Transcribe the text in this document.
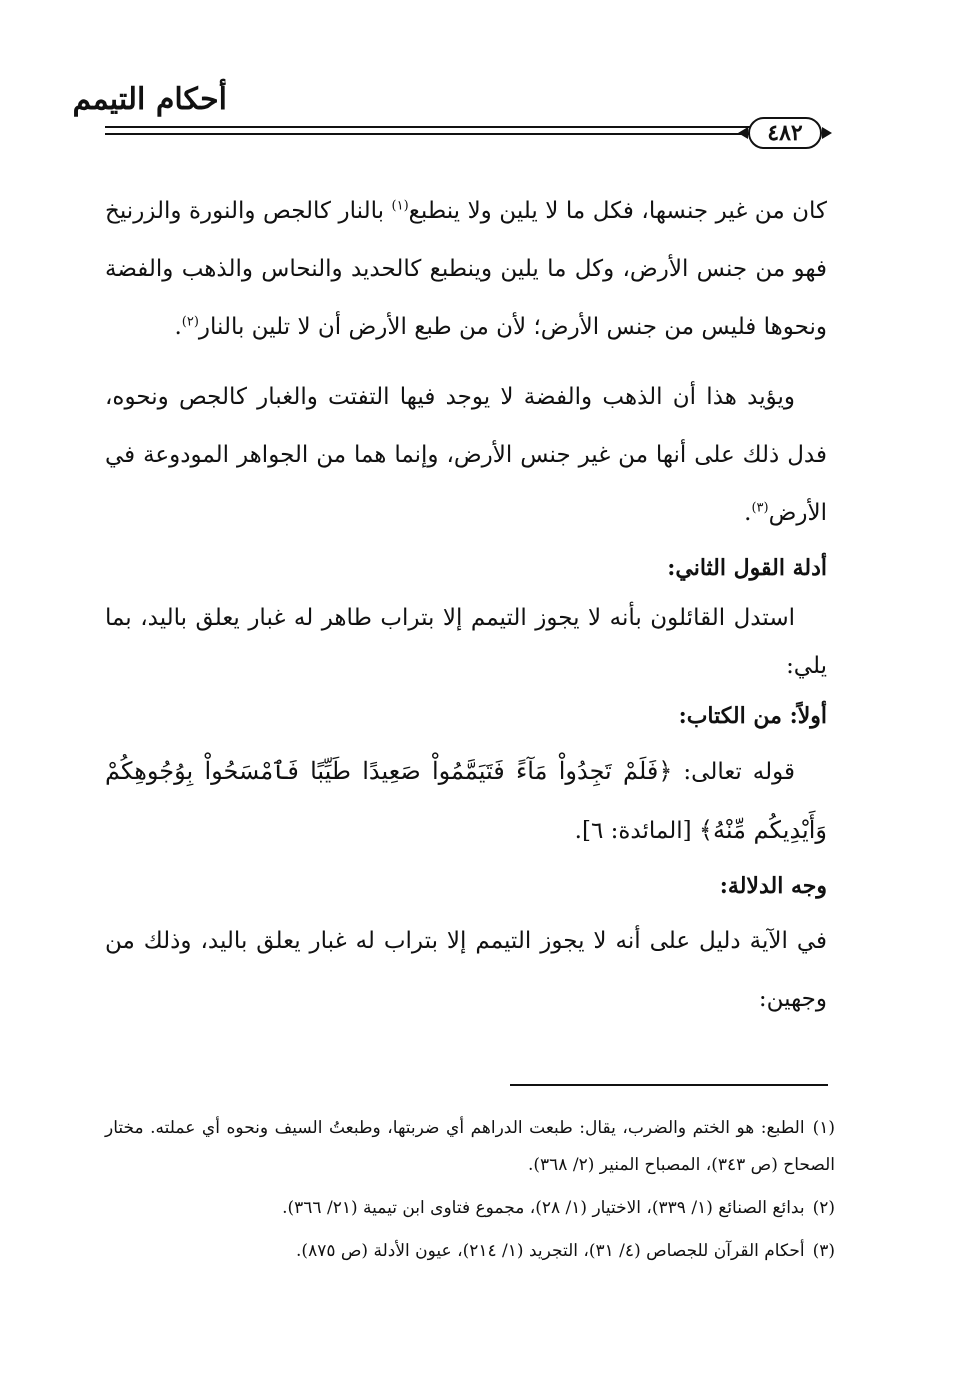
أحكام التيمم
٤٨٢

كان من غير جنسها، فكل ما لا يلين ولا ينطبع$^{(١)}$ بالنار كالجص والنورة والزرنيخ فهو من جنس الأرض، وكل ما يلين وينطبع كالحديد والنحاس والذهب والفضة ونحوها فليس من جنس الأرض؛ لأن من طبع الأرض أن لا تلين بالنار$^{(٢)}$.

ويؤيد هذا أن الذهب والفضة لا يوجد فيها التفتت والغبار كالجص ونحوه، فدل ذلك على أنها من غير جنس الأرض، وإنما هما من الجواهر المودوعة في الأرض$^{(٣)}$.

أدلة القول الثاني:

استدل القائلون بأنه لا يجوز التيمم إلا بتراب طاهر له غبار يعلق باليد، بما يلي:

أولاً: من الكتاب:

قوله تعالى: ﴿فَلَمْ تَجِدُواْ مَآءً فَتَيَمَّمُواْ صَعِيدًا طَيِّبًا فَٱمْسَحُواْ بِوُجُوهِكُمْ وَأَيْدِيكُم مِّنْهُ﴾ [المائدة: ٦].

وجه الدلالة:

في الآية دليل على أنه لا يجوز التيمم إلا بتراب له غبار يعلق باليد، وذلك من وجهين:

(١)الطبع: هو الختم والضرب، يقال: طبعت الدراهم أي ضربتها، وطبعتُ السيف ونحوه أي عملته. مختار الصحاح (ص ٣٤٣)، المصباح المنير (٢/ ٣٦٨).

(٢)بدائع الصنائع (١/ ٣٣٩)، الاختيار (١/ ٢٨)، مجموع فتاوى ابن تيمية (٢١/ ٣٦٦).

(٣)أحكام القرآن للجصاص (٤/ ٣١)، التجريد (١/ ٢١٤)، عيون الأدلة (ص ٨٧٥).
